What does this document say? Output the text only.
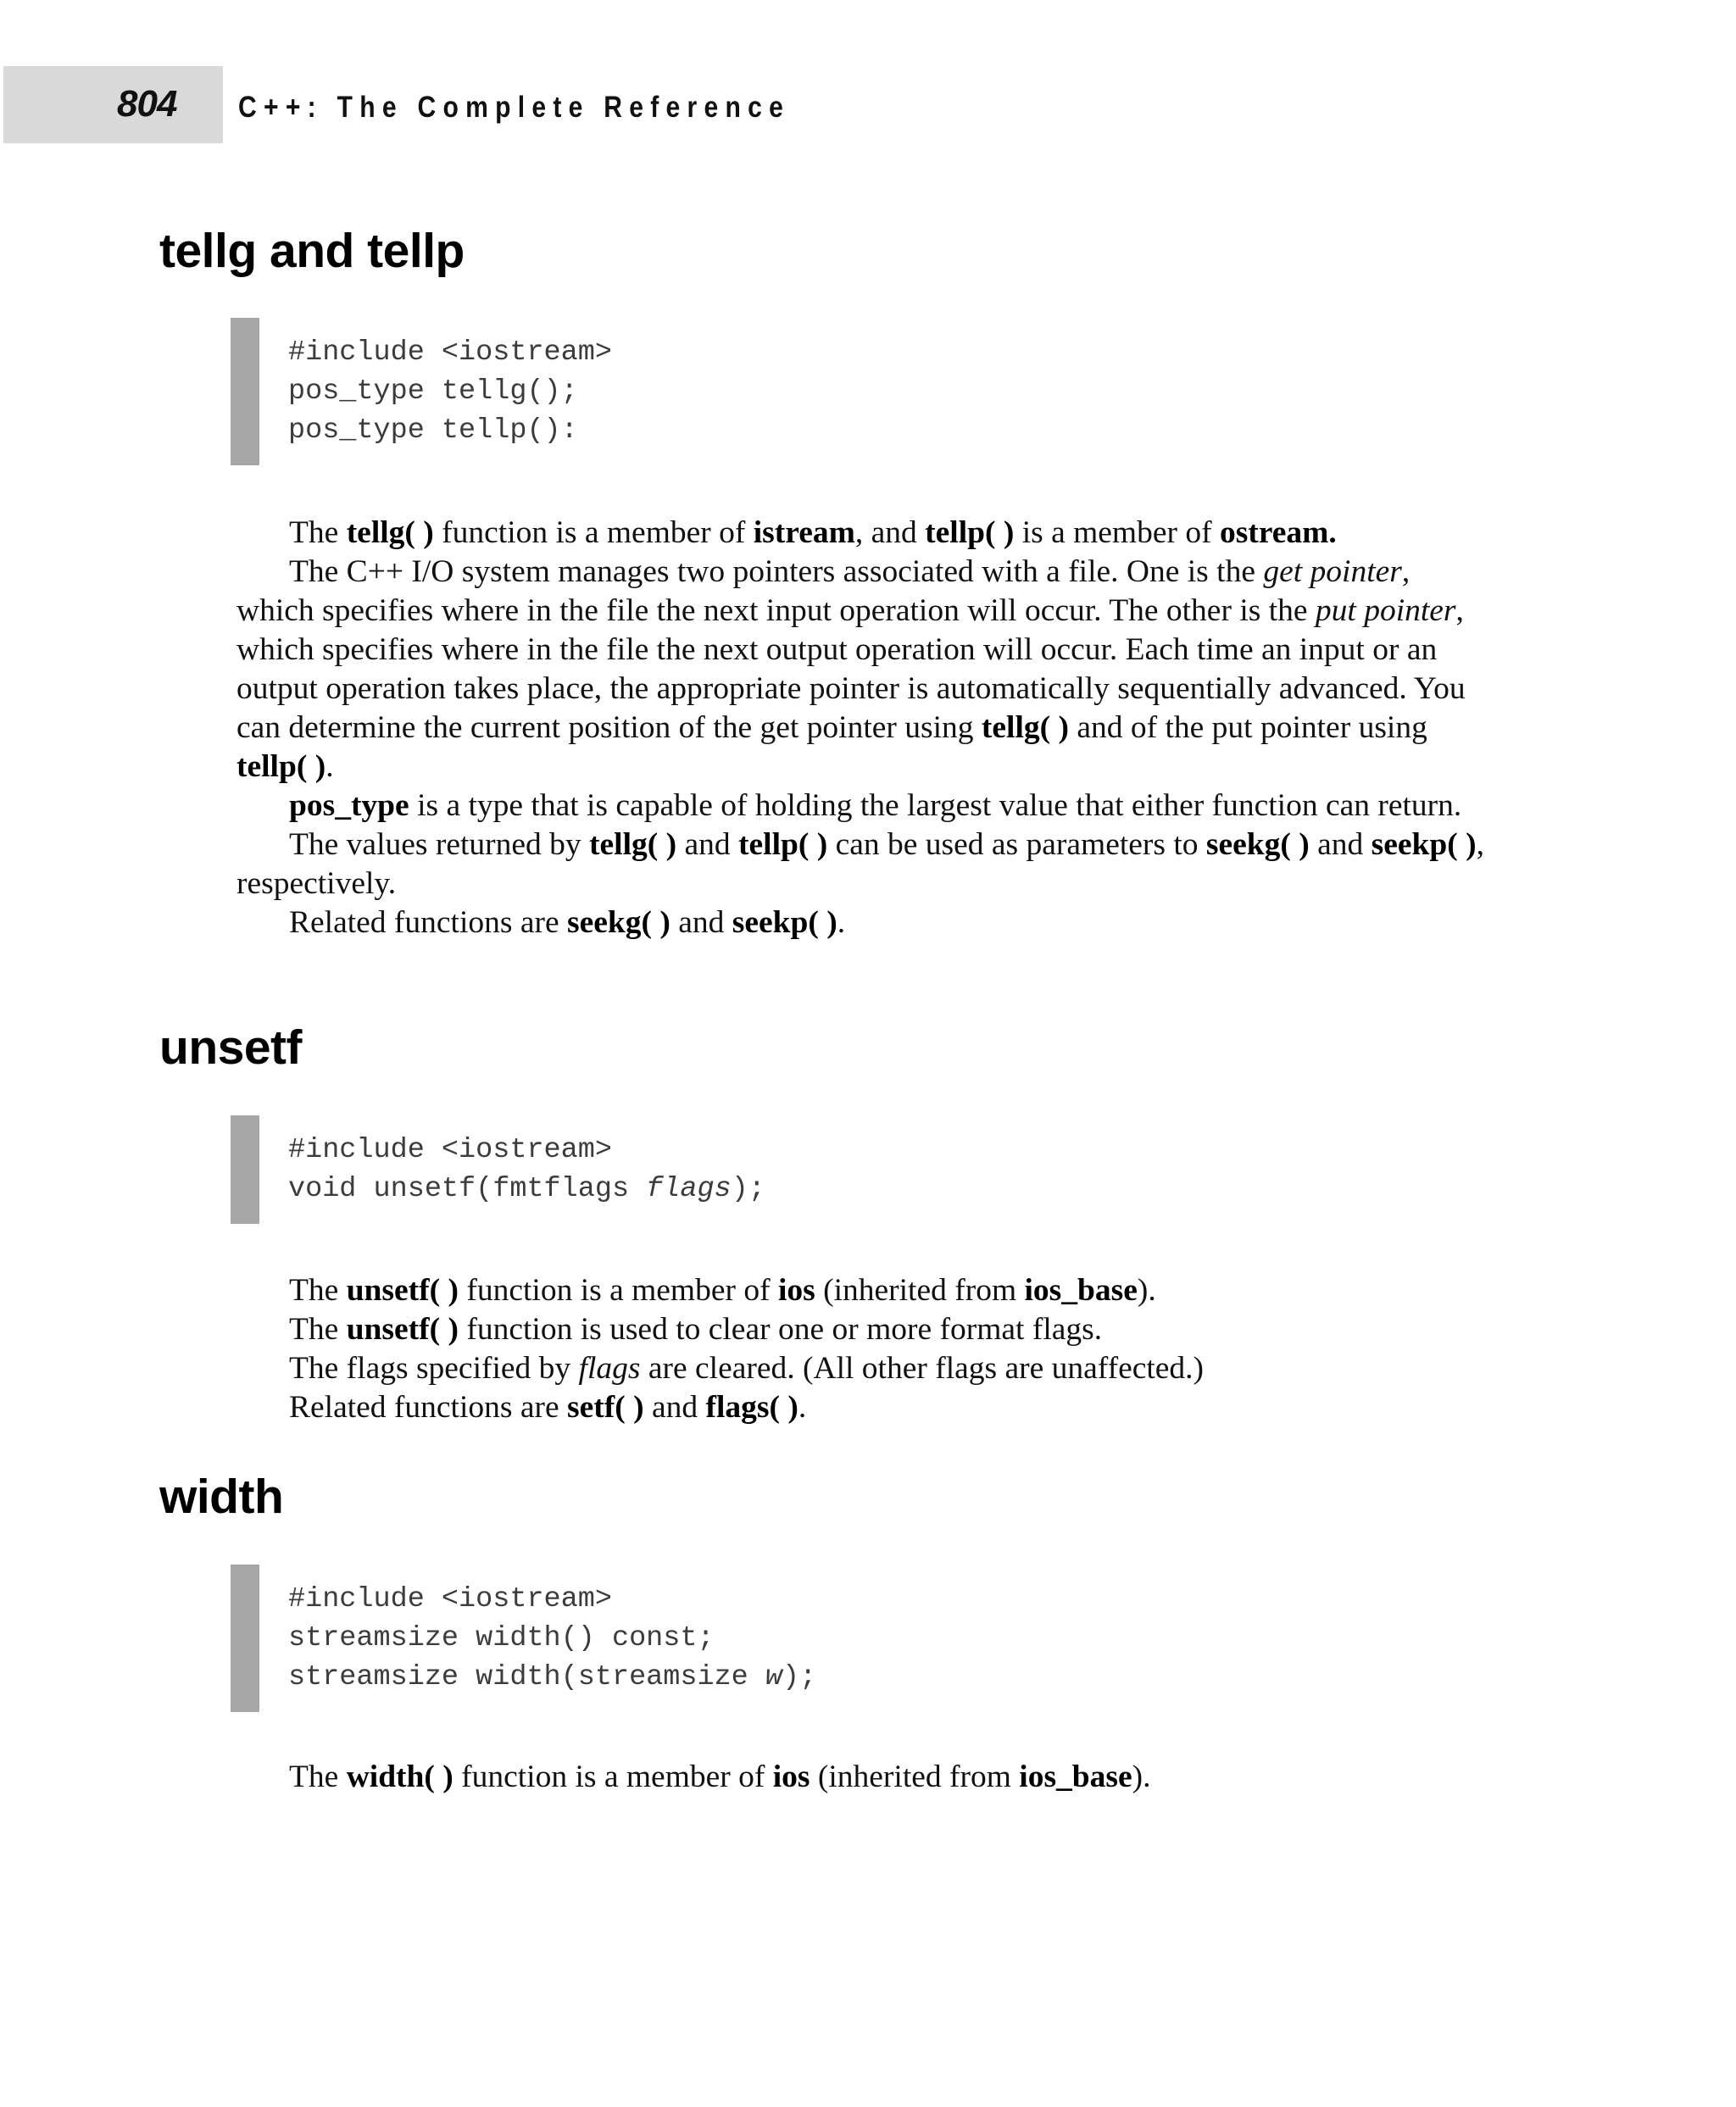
804 C++: The Complete Reference
tellg and tellp
#include <iostream>
pos_type tellg();
pos_type tellp():

The tellg( ) function is a member of istream, and tellp( ) is a member of ostream.

The C++ I/O system manages two pointers associated with a file. One is the get pointer, which specifies where in the file the next input operation will occur. The other is the put pointer, which specifies where in the file the next output operation will occur. Each time an input or an output operation takes place, the appropriate pointer is automatically sequentially advanced. You can determine the current position of the get pointer using tellg( ) and of the put pointer using tellp( ).

pos_type is a type that is capable of holding the largest value that either function can return.

The values returned by tellg( ) and tellp( ) can be used as parameters to seekg( ) and seekp( ), respectively.

Related functions are seekg( ) and seekp( ).

unsetf
#include <iostream>
void unsetf(fmtflags flags);

The unsetf( ) function is a member of ios (inherited from ios_base).

The unsetf( ) function is used to clear one or more format flags.

The flags specified by flags are cleared. (All other flags are unaffected.)

Related functions are setf( ) and flags( ).

width
#include <iostream>
streamsize width() const;
streamsize width(streamsize w);

The width( ) function is a member of ios (inherited from ios_base).
